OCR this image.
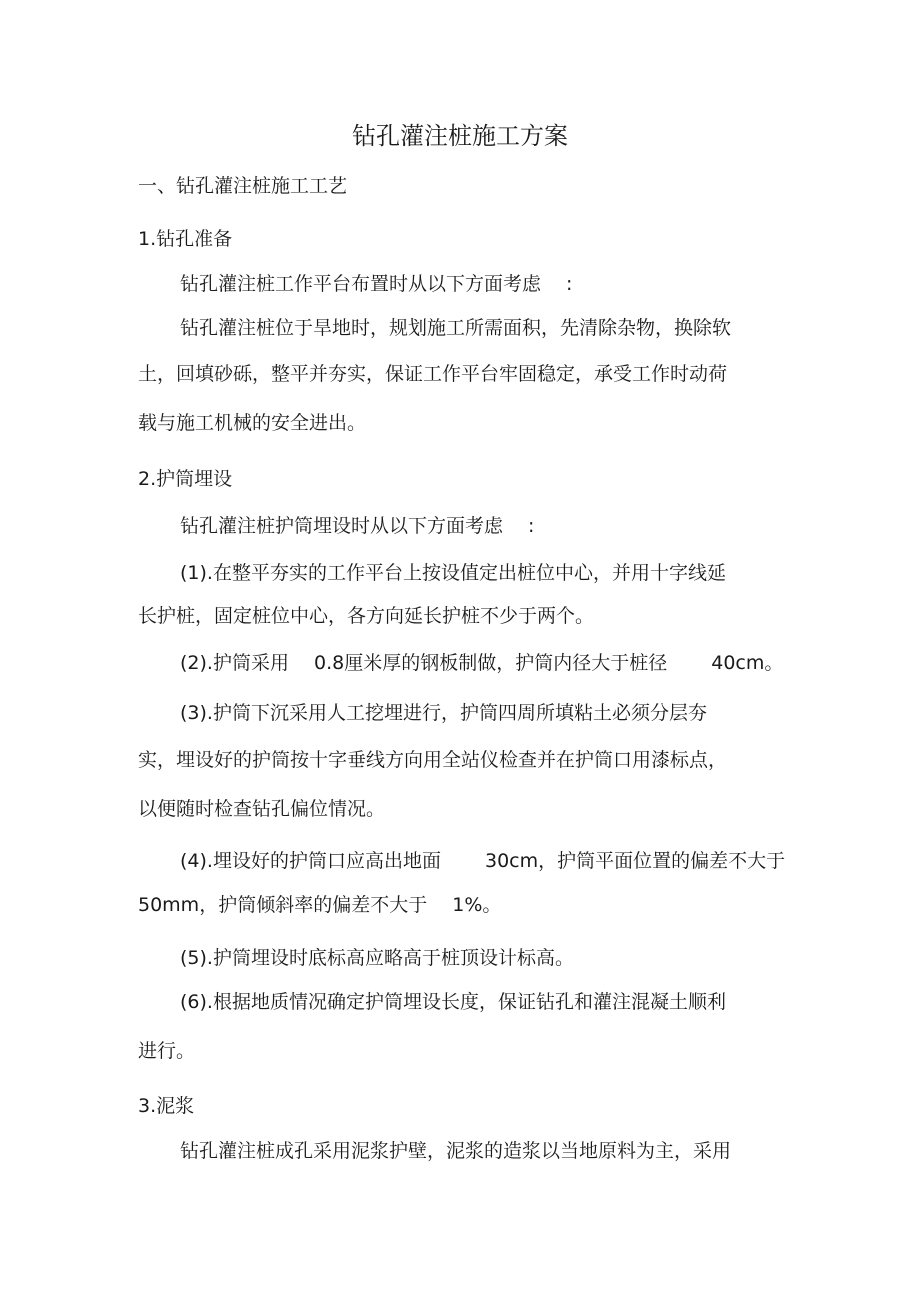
钻孔灌注桩施工方案
一、钻孔灌注桩施工工艺
1.钻孔准备
钻孔灌注桩工作平台布置时从以下方面考虑　 :
钻孔灌注桩位于旱地时，规划施工所需面积，先清除杂物，换除软
土，回填砂砾，整平并夯实，保证工作平台牢固稳定，承受工作时动荷
载与施工机械的安全进出。
2.护筒埋设
钻孔灌注桩护筒埋设时从以下方面考虑　 :
(1).在整平夯实的工作平台上按设值定出桩位中心，并用十字线延
长护桩，固定桩位中心，各方向延长护桩不少于两个。
(2).护筒采用　 0.8厘米厚的钢板制做，护筒内径大于桩径　　 40cm。
(3).护筒下沉采用人工挖埋进行，护筒四周所填粘土必须分层夯
实，埋设好的护筒按十字垂线方向用全站仪检查并在护筒口用漆标点，
以便随时检查钻孔偏位情况。
(4).埋设好的护筒口应高出地面　　 30cm，护筒平面位置的偏差不大于
50mm，护筒倾斜率的偏差不大于　 1%。
(5).护筒埋设时底标高应略高于桩顶设计标高。
(6).根据地质情况确定护筒埋设长度，保证钻孔和灌注混凝土顺利
进行。
3.泥浆
钻孔灌注桩成孔采用泥浆护壁，泥浆的造浆以当地原料为主，采用
